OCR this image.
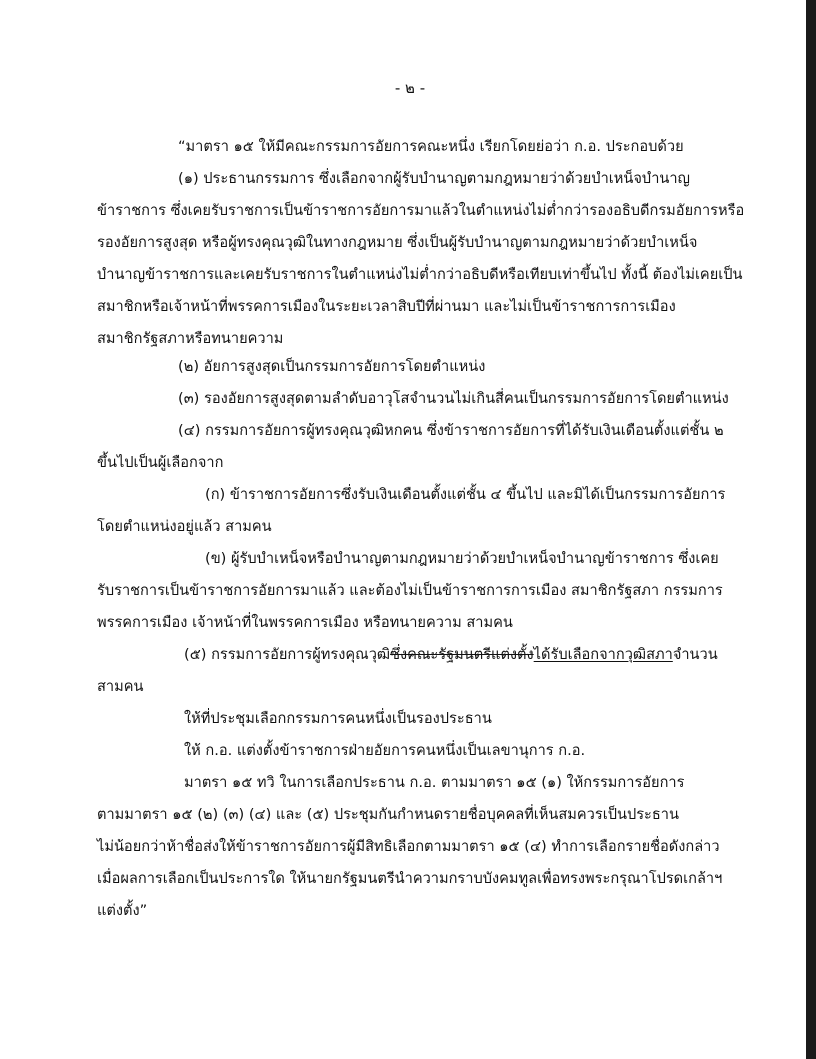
- ๒ -
“มาตรา ๑๕ ให้มีคณะกรรมการอัยการคณะหนึ่ง เรียกโดยย่อว่า ก.อ. ประกอบด้วย
(๑) ประธานกรรมการ ซึ่งเลือกจากผู้รับบำนาญตามกฎหมายว่าด้วยบำเหน็จบำนาญ
ข้าราชการ ซึ่งเคยรับราชการเป็นข้าราชการอัยการมาแล้วในตำแหน่งไม่ต่ำกว่ารองอธิบดีกรมอัยการหรือ
รองอัยการสูงสุด หรือผู้ทรงคุณวุฒิในทางกฎหมาย ซึ่งเป็นผู้รับบำนาญตามกฎหมายว่าด้วยบำเหน็จ
บำนาญข้าราชการและเคยรับราชการในตำแหน่งไม่ต่ำกว่าอธิบดีหรือเทียบเท่าขึ้นไป ทั้งนี้ ต้องไม่เคยเป็น
สมาชิกหรือเจ้าหน้าที่พรรคการเมืองในระยะเวลาสิบปีที่ผ่านมา และไม่เป็นข้าราชการการเมือง
สมาชิกรัฐสภาหรือทนายความ
(๒) อัยการสูงสุดเป็นกรรมการอัยการโดยตำแหน่ง
(๓) รองอัยการสูงสุดตามลำดับอาวุโสจำนวนไม่เกินสี่คนเป็นกรรมการอัยการโดยตำแหน่ง
(๔) กรรมการอัยการผู้ทรงคุณวุฒิหกคน ซึ่งข้าราชการอัยการที่ได้รับเงินเดือนตั้งแต่ชั้น ๒
ขึ้นไปเป็นผู้เลือกจาก
(ก) ข้าราชการอัยการซึ่งรับเงินเดือนตั้งแต่ชั้น ๔ ขึ้นไป และมิได้เป็นกรรมการอัยการ
โดยตำแหน่งอยู่แล้ว สามคน
(ข) ผู้รับบำเหน็จหรือบำนาญตามกฎหมายว่าด้วยบำเหน็จบำนาญข้าราชการ ซึ่งเคย
รับราชการเป็นข้าราชการอัยการมาแล้ว และต้องไม่เป็นข้าราชการการเมือง สมาชิกรัฐสภา กรรมการ
พรรคการเมือง เจ้าหน้าที่ในพรรคการเมือง หรือทนายความ สามคน
(๕) กรรมการอัยการผู้ทรงคุณวุฒิซึ่งคณะรัฐมนตรีแต่งตั้งได้รับเลือกจากวุฒิสภาจำนวน
สามคน
ให้ที่ประชุมเลือกกรรมการคนหนึ่งเป็นรองประธาน
ให้ ก.อ. แต่งตั้งข้าราชการฝ่ายอัยการคนหนึ่งเป็นเลขานุการ ก.อ.
มาตรา ๑๕ ทวิ ในการเลือกประธาน ก.อ. ตามมาตรา ๑๕ (๑) ให้กรรมการอัยการ
ตามมาตรา ๑๕ (๒) (๓) (๔) และ (๕) ประชุมกันกำหนดรายชื่อบุคคลที่เห็นสมควรเป็นประธาน
ไม่น้อยกว่าห้าชื่อส่งให้ข้าราชการอัยการผู้มีสิทธิเลือกตามมาตรา ๑๕ (๔) ทำการเลือกรายชื่อดังกล่าว
เมื่อผลการเลือกเป็นประการใด ให้นายกรัฐมนตรีนำความกราบบังคมทูลเพื่อทรงพระกรุณาโปรดเกล้าฯ
แต่งตั้ง”
